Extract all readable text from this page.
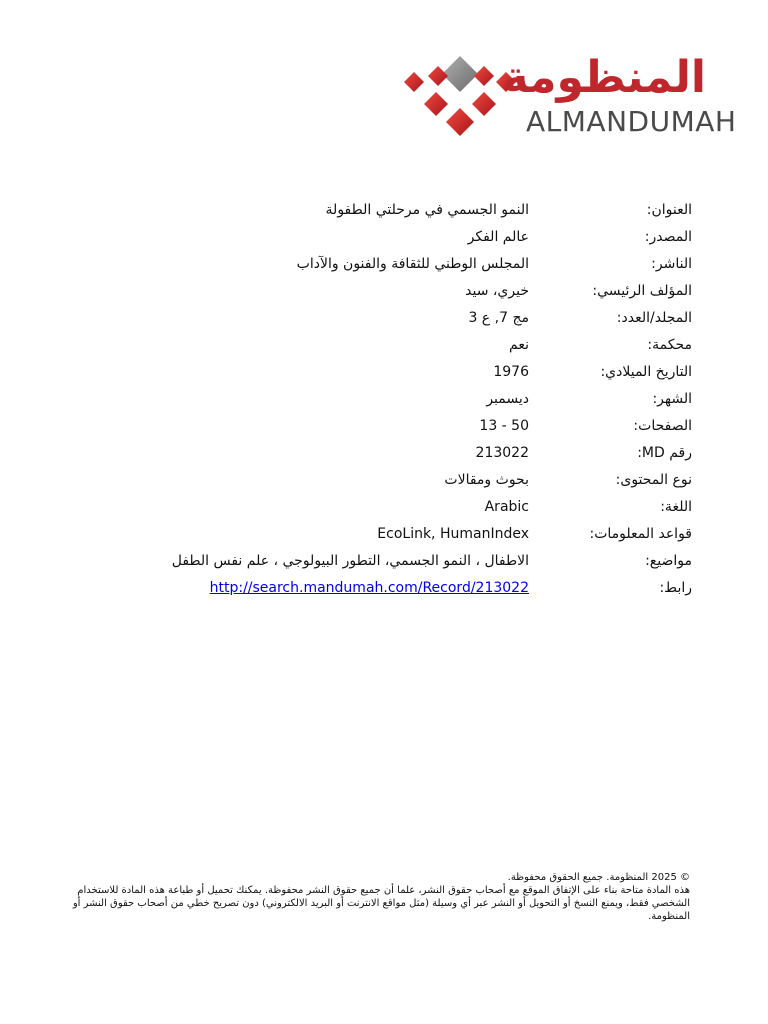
المنظومة
ALMANDUMAH
العنوان:
النمو الجسمي في مرحلتي الطفولة
المصدر:
عالم الفكر
الناشر:
المجلس الوطني للثقافة والفنون والآداب
المؤلف الرئيسي:
خيري، سيد
المجلد/العدد:
مج 7, ع 3
محكمة:
نعم
التاريخ الميلادي:
1976
الشهر:
ديسمبر
الصفحات:
13 - 50
رقم MD:
213022
نوع المحتوى:
بحوث ومقالات
اللغة:
Arabic
قواعد المعلومات:
EcoLink, HumanIndex
مواضيع:
الاطفال ، النمو الجسمي، التطور البيولوجي ، علم نفس الطفل
رابط:
http://search.mandumah.com/Record/213022

© 2025 المنظومة. جميع الحقوق محفوظة.

هذه المادة متاحة بناء على الإتفاق الموقع مع أصحاب حقوق النشر، علما أن جميع حقوق النشر محفوظة. يمكنك تحميل أو طباعة هذه المادة للاستخدام الشخصي فقط، ويمنع النسخ أو التحويل أو النشر عبر أي وسيلة (مثل مواقع الانترنت أو البريد الالكتروني) دون تصريح خطي من أصحاب حقوق النشر أو المنظومة.
